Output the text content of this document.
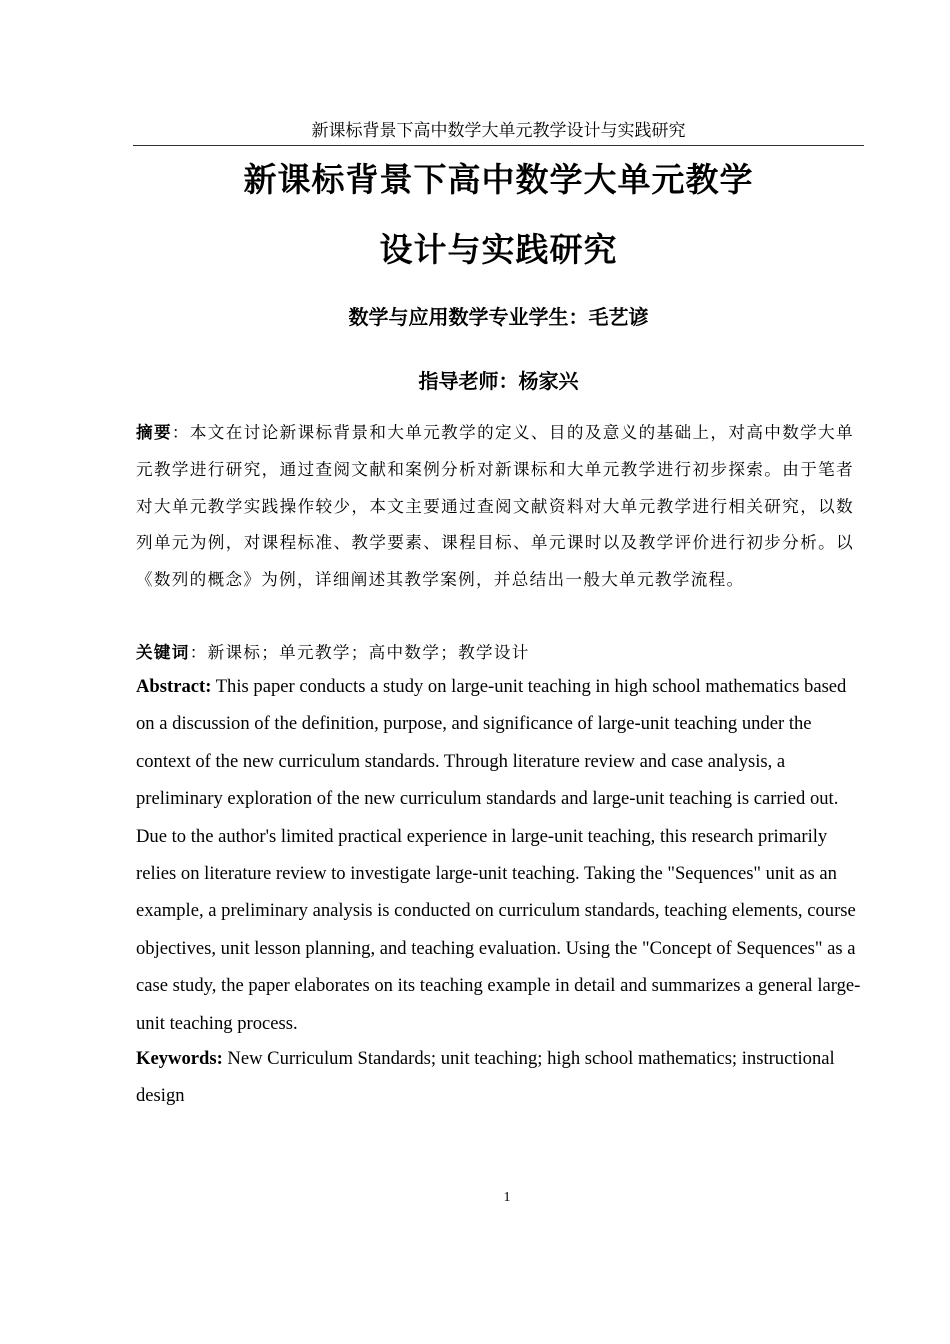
新课标背景下高中数学大单元教学设计与实践研究
新课标背景下高中数学大单元教学
设计与实践研究
数学与应用数学专业学生：毛艺谚
指导老师：杨家兴
摘要：本文在讨论新课标背景和大单元教学的定义、目的及意义的基础上，对高中数学大单元教学进行研究，通过查阅文献和案例分析对新课标和大单元教学进行初步探索。由于笔者对大单元教学实践操作较少，本文主要通过查阅文献资料对大单元教学进行相关研究，以数列单元为例，对课程标准、教学要素、课程目标、单元课时以及教学评价进行初步分析。以《数列的概念》为例，详细阐述其教学案例，并总结出一般大单元教学流程。
关键词：新课标；单元教学；高中数学；教学设计
Abstract: This paper conducts a study on large-unit teaching in high school mathematics based on a discussion of the definition, purpose, and significance of large-unit teaching under the context of the new curriculum standards. Through literature review and case analysis, a preliminary exploration of the new curriculum standards and large-unit teaching is carried out. Due to the author's limited practical experience in large-unit teaching, this research primarily relies on literature review to investigate large-unit teaching. Taking the "Sequences" unit as an example, a preliminary analysis is conducted on curriculum standards, teaching elements, course objectives, unit lesson planning, and teaching evaluation. Using the "Concept of Sequences" as a case study, the paper elaborates on its teaching example in detail and summarizes a general large-unit teaching process.
Keywords: New Curriculum Standards; unit teaching; high school mathematics; instructional design
1
